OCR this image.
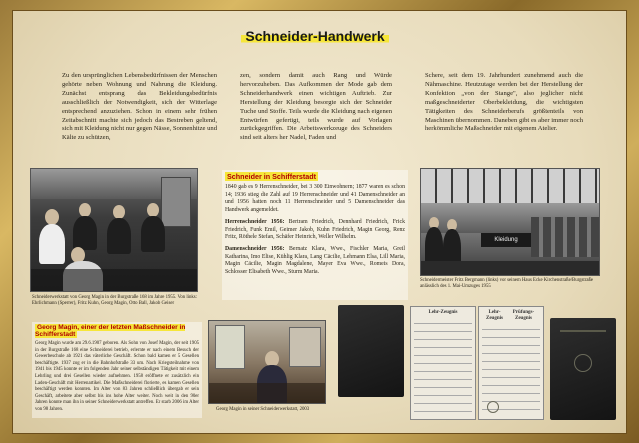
Schneider-Handwerk
Zu den ursprünglichen Lebensbedürfnissen der Menschen gehörte neben Wohnung und Nahrung die Kleidung. Zunächst entsprang das Bekleidungsbedürfnis ausschließlich der Notwendigkeit, sich der Witterlage entsprechend anzuziehen. Schon in einem sehr frühen Zeitabschnitt machte sich jedoch das Bestreben geltend, sich mit Kleidung nicht nur gegen Nässe, Sonnenhitze und Kälte zu schützen,
zen, sondern damit auch Rang und Würde hervorzuheben. Das Aufkommen der Mode gab dem Schneiderhandwerk einen wichtigen Auftrieb. Zur Herstellung der Kleidung besorgte sich der Schneider Tuche und Stoffe. Teils wurde die Kleidung nach eigenen Entwürfen gefertigt, teils wurde auf Vorlagen zurückgegriffen. Die Arbeitswerkzeuge des Schneiders sind seit alters her Nadel, Faden und
Schere, seit dem 19. Jahrhundert zunehmend auch die Nähmaschine. Heutzutage werden bei der Herstellung der Konfektion „von der Stange", also jeglicher nicht maßgeschneiderter Oberbekleidung, die wichtigsten Tätigkeiten des Schneiderberufs größtenteils von Maschinen übernommen. Daneben gibt es aber immer noch herkömmliche Maßschneider mit eigenem Atelier.
Schneiderwerkstatt von Georg Magin in der Burgstraße 168 im Jahre 1955. Von links: Ehrlichmann (Sperrer), Fritz Kuhn, Georg Magin, Otto Ball, Jakob Geiser
Schneider in Schifferstadt

1840 gab es 9 Herrenschneider, bei 3 300 Einwohnern; 1877 waren es schon 14; 1936 stieg die Zahl auf 19 Herrenschneider und 41 Damenschneider an und 1956 hatten noch 11 Herrenschneider und 5 Damenschneider das Handwerk angemeldet.

Herrenschneider 1956: Bertram Friedrich, Dennhard Friedrich, Frick Friedrich, Funk Emil, Geimer Jakob, Kuhn Friedrich, Magin Georg, Renz Fritz, Röthele Stefan, Schäfer Heinrich, Weller Wilhelm.

Damenschneider 1956: Bernatz Klara, Wwe., Fischler Maria, Greil Katharina, Imo Elise, Kühlig Klara, Lang Cäcilie, Lehmann Elsa, Lill Maria, Magin Cäcilie, Magin Magdalene, Mayer Eva Wwe., Romeis Dora, Schlosser Elisabeth Wwe., Sturm Maria.

Kleidung
Schneidermeister Fritz Bergmann (links) vor seinem Haus Ecke Kirchenstraße/Burgstraße anlässlich des 1. Mai-Umzuges 1955
Georg Magin, einer der letzten Maßschneider in Schifferstadt

Georg Magin wurde am 29.6.1907 geboren. Als Sohn von Josef Magin, der seit 1905 in der Burgstraße 168 eine Schneiderei betrieb, erlernte er nach einem Besuch der Gewerbeschule ab 1921 das väterliche Geschäft. Schon bald kamen er 5 Gesellen beschäftigte. 1937 zog er in die Bahnhofstraße 33 um. Nach Kriegsteilnahme von 1941 bis 1945 konnte er im folgenden Jahr seiner selbständigen Tätigkeit mit einem Lehrling und drei Gesellen wieder aufnehmen. 1958 eröffnete er zusätzlich ein Laden-Geschäft mit Herrenartikel. Die Maßschneiderei florierte, es kamen Gesellen beschäftigt werden konnten. Im Alter von 83 Jahren schließlich übergab er sein Geschäft, arbeitete aber selbst bis ins hohe Alter weiter. Noch weit in den 90er Jahren konnte man ihn in seiner Schneiderwerkstatt antreffen. Er starb 2006 im Alter von 98 Jahren.	Georg Magin in seiner Schneiderwerkstatt, 2003
Lehr-Zeugnis	Lehr-Zeugnis
Prüfungs-Zeugnis
